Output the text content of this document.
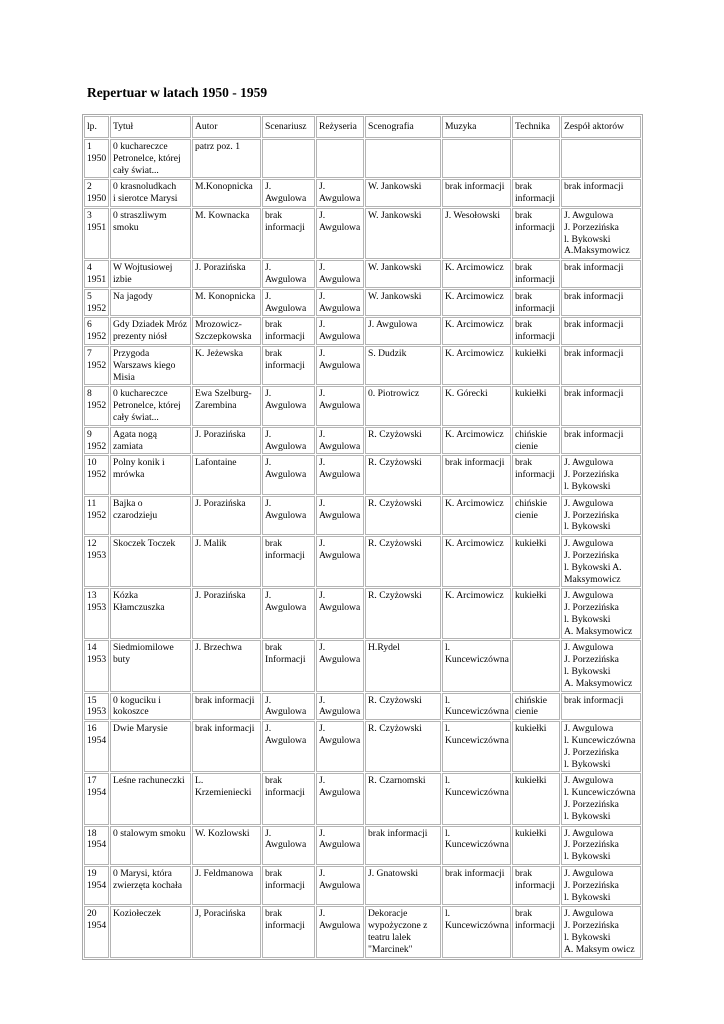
Repertuar w latach 1950 - 1959
lp.	Tytuł	Autor	Scenariusz	Reżyseria	Scenografia	Muzyka	Technika	Zespół aktorów

1
1950	0 kuchareczce
Petronelce, której
cały świat...	patrz poz. 1						

2
1950	0 krasnoludkach
i sierotce Marysi	M.Konopnicka	J.
Awgulowa	J.
Awgulowa	W. Jankowski	brak informacji	brak
informacji	brak informacji

3
1951	0 straszliwym
smoku	M. Kownacka	brak
informacji	J.
Awgulowa	W. Jankowski	J. Wesołowski	brak
informacji	J. Awgulowa
J. Porzezińska
l. Bykowski
A.Maksymowicz

4
1951	W Wojtusiowej
izbie	J. Porazińska	J.
Awgulowa	J.
Awgulowa	W. Jankowski	K. Arcimowicz	brak
informacji	brak informacji

5
1952	Na jagody	M. Konopnicka	J.
Awgulowa	J.
Awgulowa	W. Jankowski	K. Arcimowicz	brak
informacji	brak informacji

6
1952	Gdy Dziadek Mróz
prezenty niósł	Mrozowicz-
Szczepkowska	brak
informacji	J.
Awgulowa	J. Awgulowa	K. Arcimowicz	brak
informacji	brak informacji

7
1952	Przygoda
Warszaws kiego
Misia	K. Jeżewska	brak
informacji	J.
Awgulowa	S. Dudzik	K. Arcimowicz	kukiełki	brak informacji

8
1952	0 kuchareczce
Petronelce, której
cały świat...	Ewa Szelburg-
Zarembina	J.
Awgulowa	J.
Awgulowa	0. Piotrowicz	K. Górecki	kukiełki	brak informacji

9
1952	Agata nogą
zamiata	J. Porazińska	J.
Awgulowa	J.
Awgulowa	R. Czyżowski	K. Arcimowicz	chińskie
cienie	brak informacji

10
1952	Polny konik i
mrówka	Lafontaine	J.
Awgulowa	J.
Awgulowa	R. Czyżowski	brak informacji	brak
informacji	J. Awgulowa
J. Porzezińska
l. Bykowski

11
1952	Bajka o
czarodzieju	J. Porazińska	J.
Awgulowa	J.
Awgulowa	R. Czyżowski	K. Arcimowicz	chińskie
cienie	J. Awgulowa
J. Porzezińska
l. Bykowski

12
1953	Skoczek Toczek	J. Malik	brak
informacji	J.
Awgulowa	R. Czyżowski	K. Arcimowicz	kukiełki	J. Awgulowa
J. Porzezińska
l. Bykowski A.
Maksymowicz

13
1953	Kózka
Kłamczuszka	J. Porazińska	J.
Awgulowa	J.
Awgulowa	R. Czyżowski	K. Arcimowicz	kukiełki	J. Awgulowa
J. Porzezińska
l. Bykowski
A. Maksymowicz

14
1953	Siedmiomilowe
buty	J. Brzechwa	brak
Informacji	J.
Awgulowa	H.Rydel	l.
Kuncewiczówna		J. Awgulowa
J. Porzezińska
l. Bykowski
A. Maksymowicz

15
1953	0 koguciku i
kokoszce	brak informacji	J.
Awgulowa	J.
Awgulowa	R. Czyżowski	l.
Kuncewiczówna	chińskie
cienie	brak informacji

16
1954	Dwie Marysie	brak informacji	J.
Awgulowa	J.
Awgulowa	R. Czyżowski	l.
Kuncewiczówna	kukiełki	J. Awgulowa
l. Kuncewiczówna
J. Porzezińska
l. Bykowski

17
1954	Leśne rachuneczki	L.
Krzemieniecki	brak
informacji	J.
Awgulowa	R. Czarnomski	l.
Kuncewiczówna	kukiełki	J. Awgulowa
l. Kuncewiczówna
J. Porzezińska
l. Bykowski

18
1954	0 stalowym smoku	W. Kozlowski	J.
Awgulowa	J.
Awgulowa	brak informacji	l.
Kuncewiczówna	kukiełki	J. Awgulowa
J. Porzezińska
l. Bykowski

19
1954	0 Marysi, która
zwierzęta kochała	J. Feldmanowa	brak
informacji	J.
Awgulowa	J. Gnatowski	brak informacji	brak
informacji	J. Awgulowa
J. Porzezińska
l. Bykowski

20
1954	Koziołeczek	J, Poracińska	brak
informacji	J.
Awgulowa	Dekoracje
wypożyczone z
teatru lalek
"Marcinek"	l.
Kuncewiczówna	brak
informacji	J. Awgulowa
J. Porzezińska
l. Bykowski
A. Maksym owicz
